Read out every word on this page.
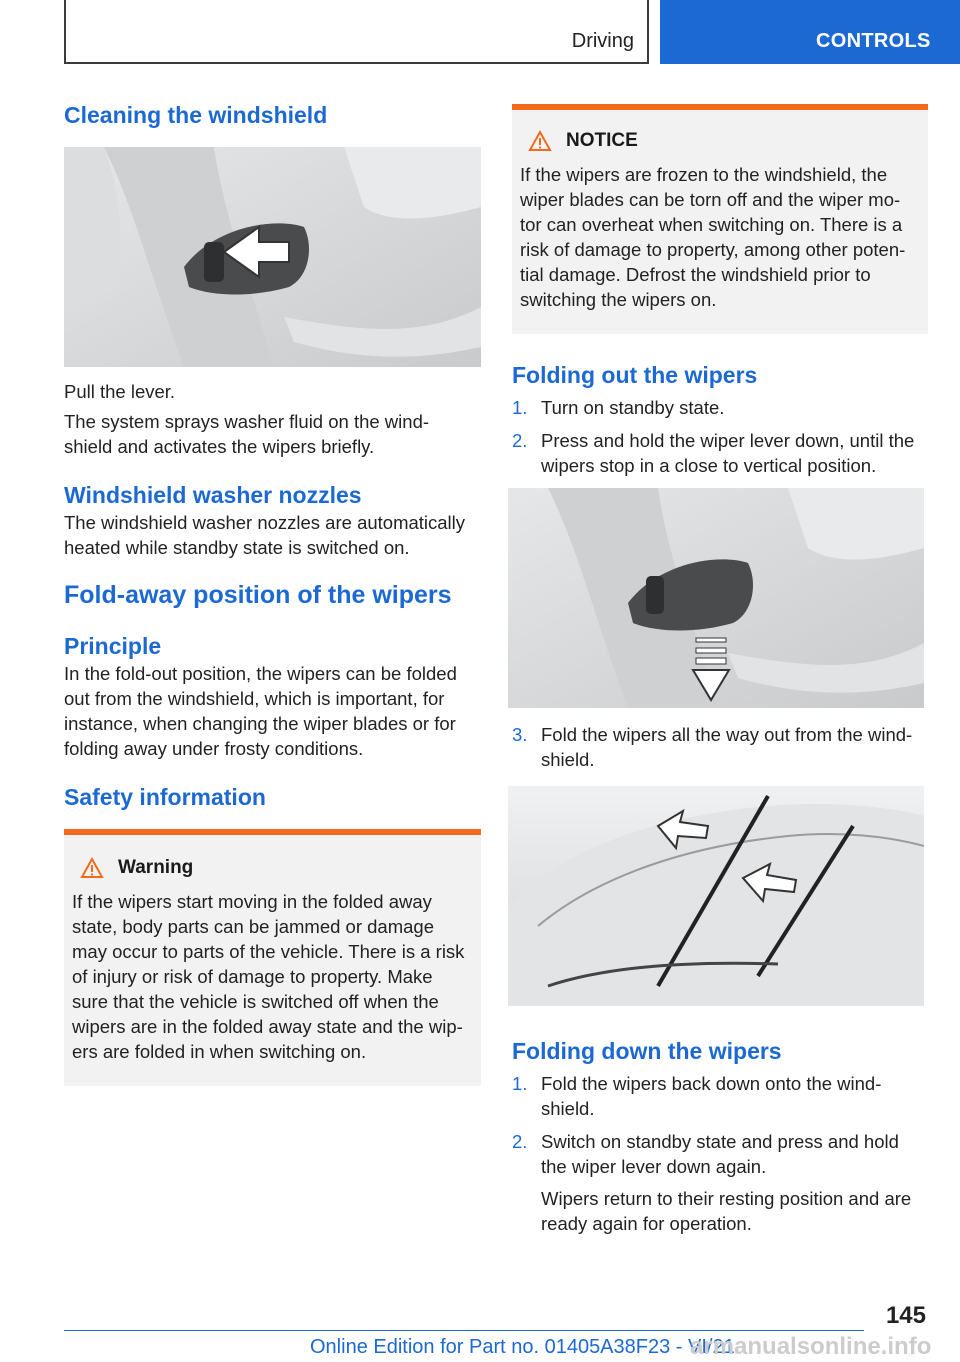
Driving	CONTROLS
Cleaning the windshield

Pull the lever.

The system sprays washer fluid on the wind‐ shield and activates the wipers briefly.

Windshield washer nozzles

The windshield washer nozzles are automatically heated while standby state is switched on.

Fold-away position of the wipers
Principle

In the fold-out position, the wipers can be folded out from the windshield, which is important, for instance, when changing the wiper blades or for folding away under frosty conditions.

Safety information
Warning

If the wipers start moving in the folded away state, body parts can be jammed or damage may occur to parts of the vehicle. There is a risk of injury or risk of damage to property. Make sure that the vehicle is switched off when the wipers are in the folded away state and the wip‐ ers are folded in when switching on.

NOTICE

If the wipers are frozen to the windshield, the wiper blades can be torn off and the wiper mo‐ tor can overheat when switching on. There is a risk of damage to property, among other poten‐ tial damage. Defrost the windshield prior to switching the wipers on.

Folding out the wipers
1. Turn on standby state.
2. Press and hold the wiper lever down, until the wipers stop in a close to vertical position.
3. Fold the wipers all the way out from the wind‐ shield.
Folding down the wipers
1. Fold the wipers back down onto the wind‐ shield.
2. Switch on standby state and press and hold the wiper lever down again.

Wipers return to their resting position and are ready again for operation.

145
Online Edition for Part no. 01405A38F23 - VI/21
armanualsonline.info
